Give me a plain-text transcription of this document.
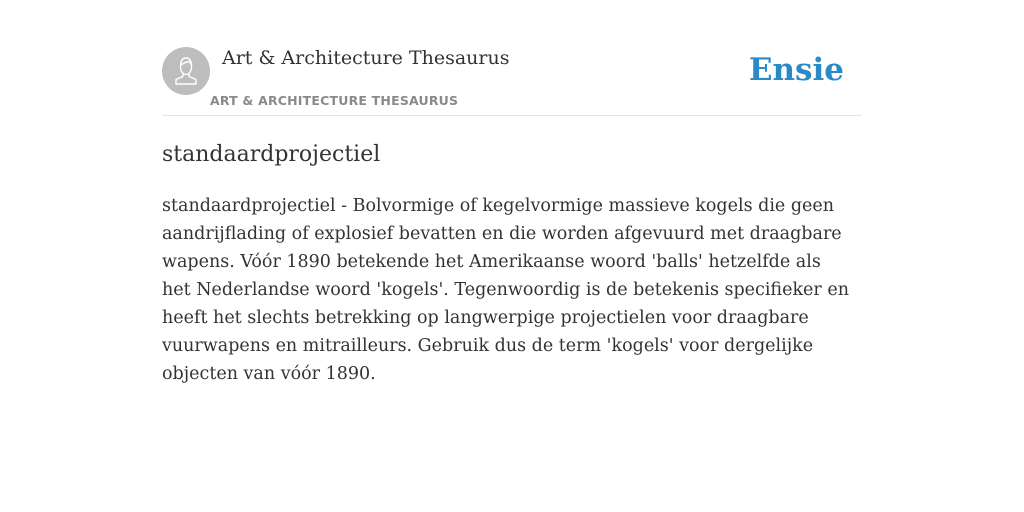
Art & Architecture Thesaurus
ART & ARCHITECTURE THESAURUS
Ensie
standaardprojectiel

standaardprojectiel - Bolvormige of kegelvormige massieve kogels die geen aandrijflading of explosief bevatten en die worden afgevuurd met draagbare wapens. Vóór 1890 betekende het Amerikaanse woord 'balls' hetzelfde als het Nederlandse woord 'kogels'. Tegenwoordig is de betekenis specifieker en heeft het slechts betrekking op langwerpige projectielen voor draagbare vuurwapens en mitrailleurs. Gebruik dus de term 'kogels' voor dergelijke objecten van vóór 1890.
